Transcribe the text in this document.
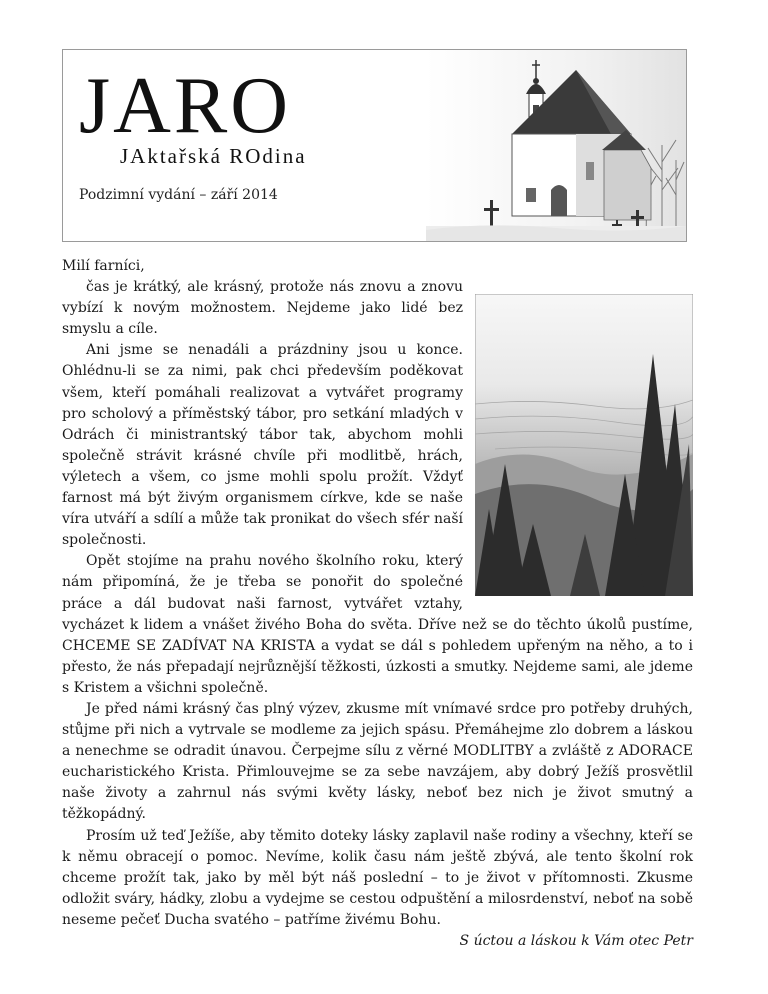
JARO
JAktařská ROdina
Podzimní vydání – září 2014

Milí farníci,

čas je krátký, ale krásný, protože nás znovu a znovu vybízí k novým možnostem. Nejdeme jako lidé bez smyslu a cíle.

Ani jsme se nenadáli a prázdniny jsou u konce. Ohlédnu-li se za nimi, pak chci především poděkovat všem, kteří pomáhali realizovat a vytvářet programy pro scholový a příměstský tábor, pro setkání mladých v Odrách či ministrantský tábor tak, abychom mohli společně strávit krásné chvíle při modlitbě, hrách, výletech a všem, co jsme mohli spolu prožít. Vždyť farnost má být živým organismem církve, kde se naše víra utváří a sdílí a může tak pronikat do všech sfér naší společnosti.

Opět stojíme na prahu nového školního roku, který nám připomíná, že je třeba se ponořit do společné práce a dál budovat naši farnost, vytvářet vztahy, vycházet k lidem a vnášet živého Boha do světa. Dříve než se do těchto úkolů pustíme, CHCEME SE ZADÍVAT NA KRISTA a vydat se dál s pohledem upřeným na něho, a to i přesto, že nás přepadají nejrůznější těžkosti, úzkosti a smutky. Nejdeme sami, ale jdeme s Kristem a všichni společně.

Je před námi krásný čas plný výzev, zkusme mít vnímavé srdce pro potřeby druhých, stůjme při nich a vytrvale se modleme za jejich spásu. Přemáhejme zlo dobrem a láskou a nenechme se odradit únavou. Čerpejme sílu z věrné MODLITBY a zvláště z ADORACE eucharistického Krista. Přimlouvejme se za sebe navzájem, aby dobrý Ježíš prosvětlil naše životy a zahrnul nás svými květy lásky, neboť bez nich je život smutný a těžkopádný.

Prosím už teď Ježíše, aby těmito doteky lásky zaplavil naše rodiny a všechny, kteří se k němu obracejí o pomoc. Nevíme, kolik času nám ještě zbývá, ale tento školní rok chceme prožít tak, jako by měl být náš poslední – to je život v přítomnosti. Zkusme odložit sváry, hádky, zlobu a vydejme se cestou odpuštění a milosrdenství, neboť na sobě neseme pečeť Ducha svatého – patříme živému Bohu.

S úctou a láskou k Vám otec Petr
